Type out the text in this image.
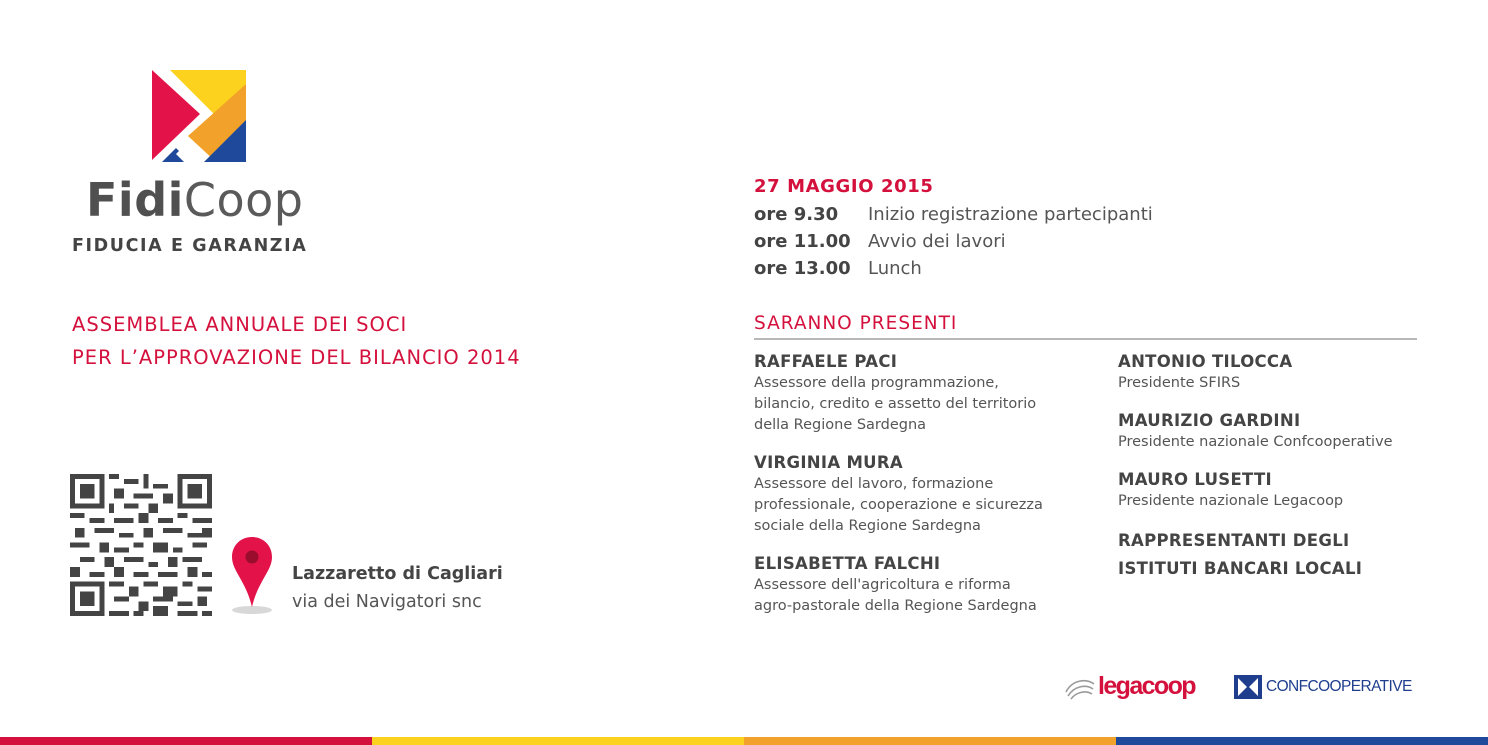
FidiCoop
FIDUCIA E GARANZIA
ASSEMBLEA ANNUALE DEI SOCI
PER L’APPROVAZIONE DEL BILANCIO 2014
Lazzaretto di Cagliari
via dei Navigatori snc
27 MAGGIO 2015
ore 9.30 Inizio registrazione partecipanti
ore 11.00 Avvio dei lavori
ore 13.00 Lunch
SARANNO PRESENTI
RAFFAELE PACI
Assessore della programmazione,
bilancio, credito e assetto del territorio
della Regione Sardegna
VIRGINIA MURA
Assessore del lavoro, formazione
professionale, cooperazione e sicurezza
sociale della Regione Sardegna
ELISABETTA FALCHI
Assessore dell'agricoltura e riforma
agro-pastorale della Regione Sardegna
ANTONIO TILOCCA
Presidente SFIRS
MAURIZIO GARDINI
Presidente nazionale Confcooperative
MAURO LUSETTI
Presidente nazionale Legacoop
RAPPRESENTANTI DEGLI
ISTITUTI BANCARI LOCALI
legacoop	CONFCOOPERATIVE
